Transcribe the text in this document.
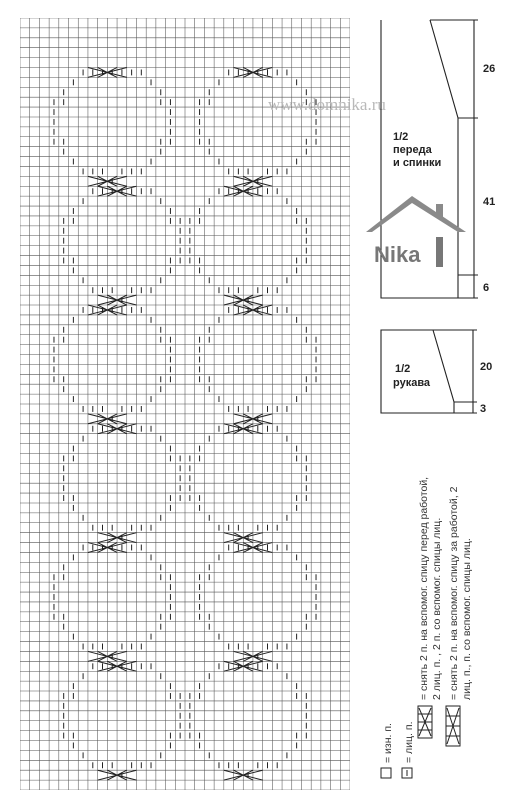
www.domnika.ru
1/2
переда
и спинки
26
41
6
Nika
1/2
рукава
20
3
= изн. п. = лиц. п.
= снять 2 п. на вспомог. спицу перед работой, 2 лиц. п. , 2 п. со вспомог. спицы лиц. = снять 2 п. на вспомог. спицу за работой, 2 лиц. п., п. со вспомог. спицы лиц.
